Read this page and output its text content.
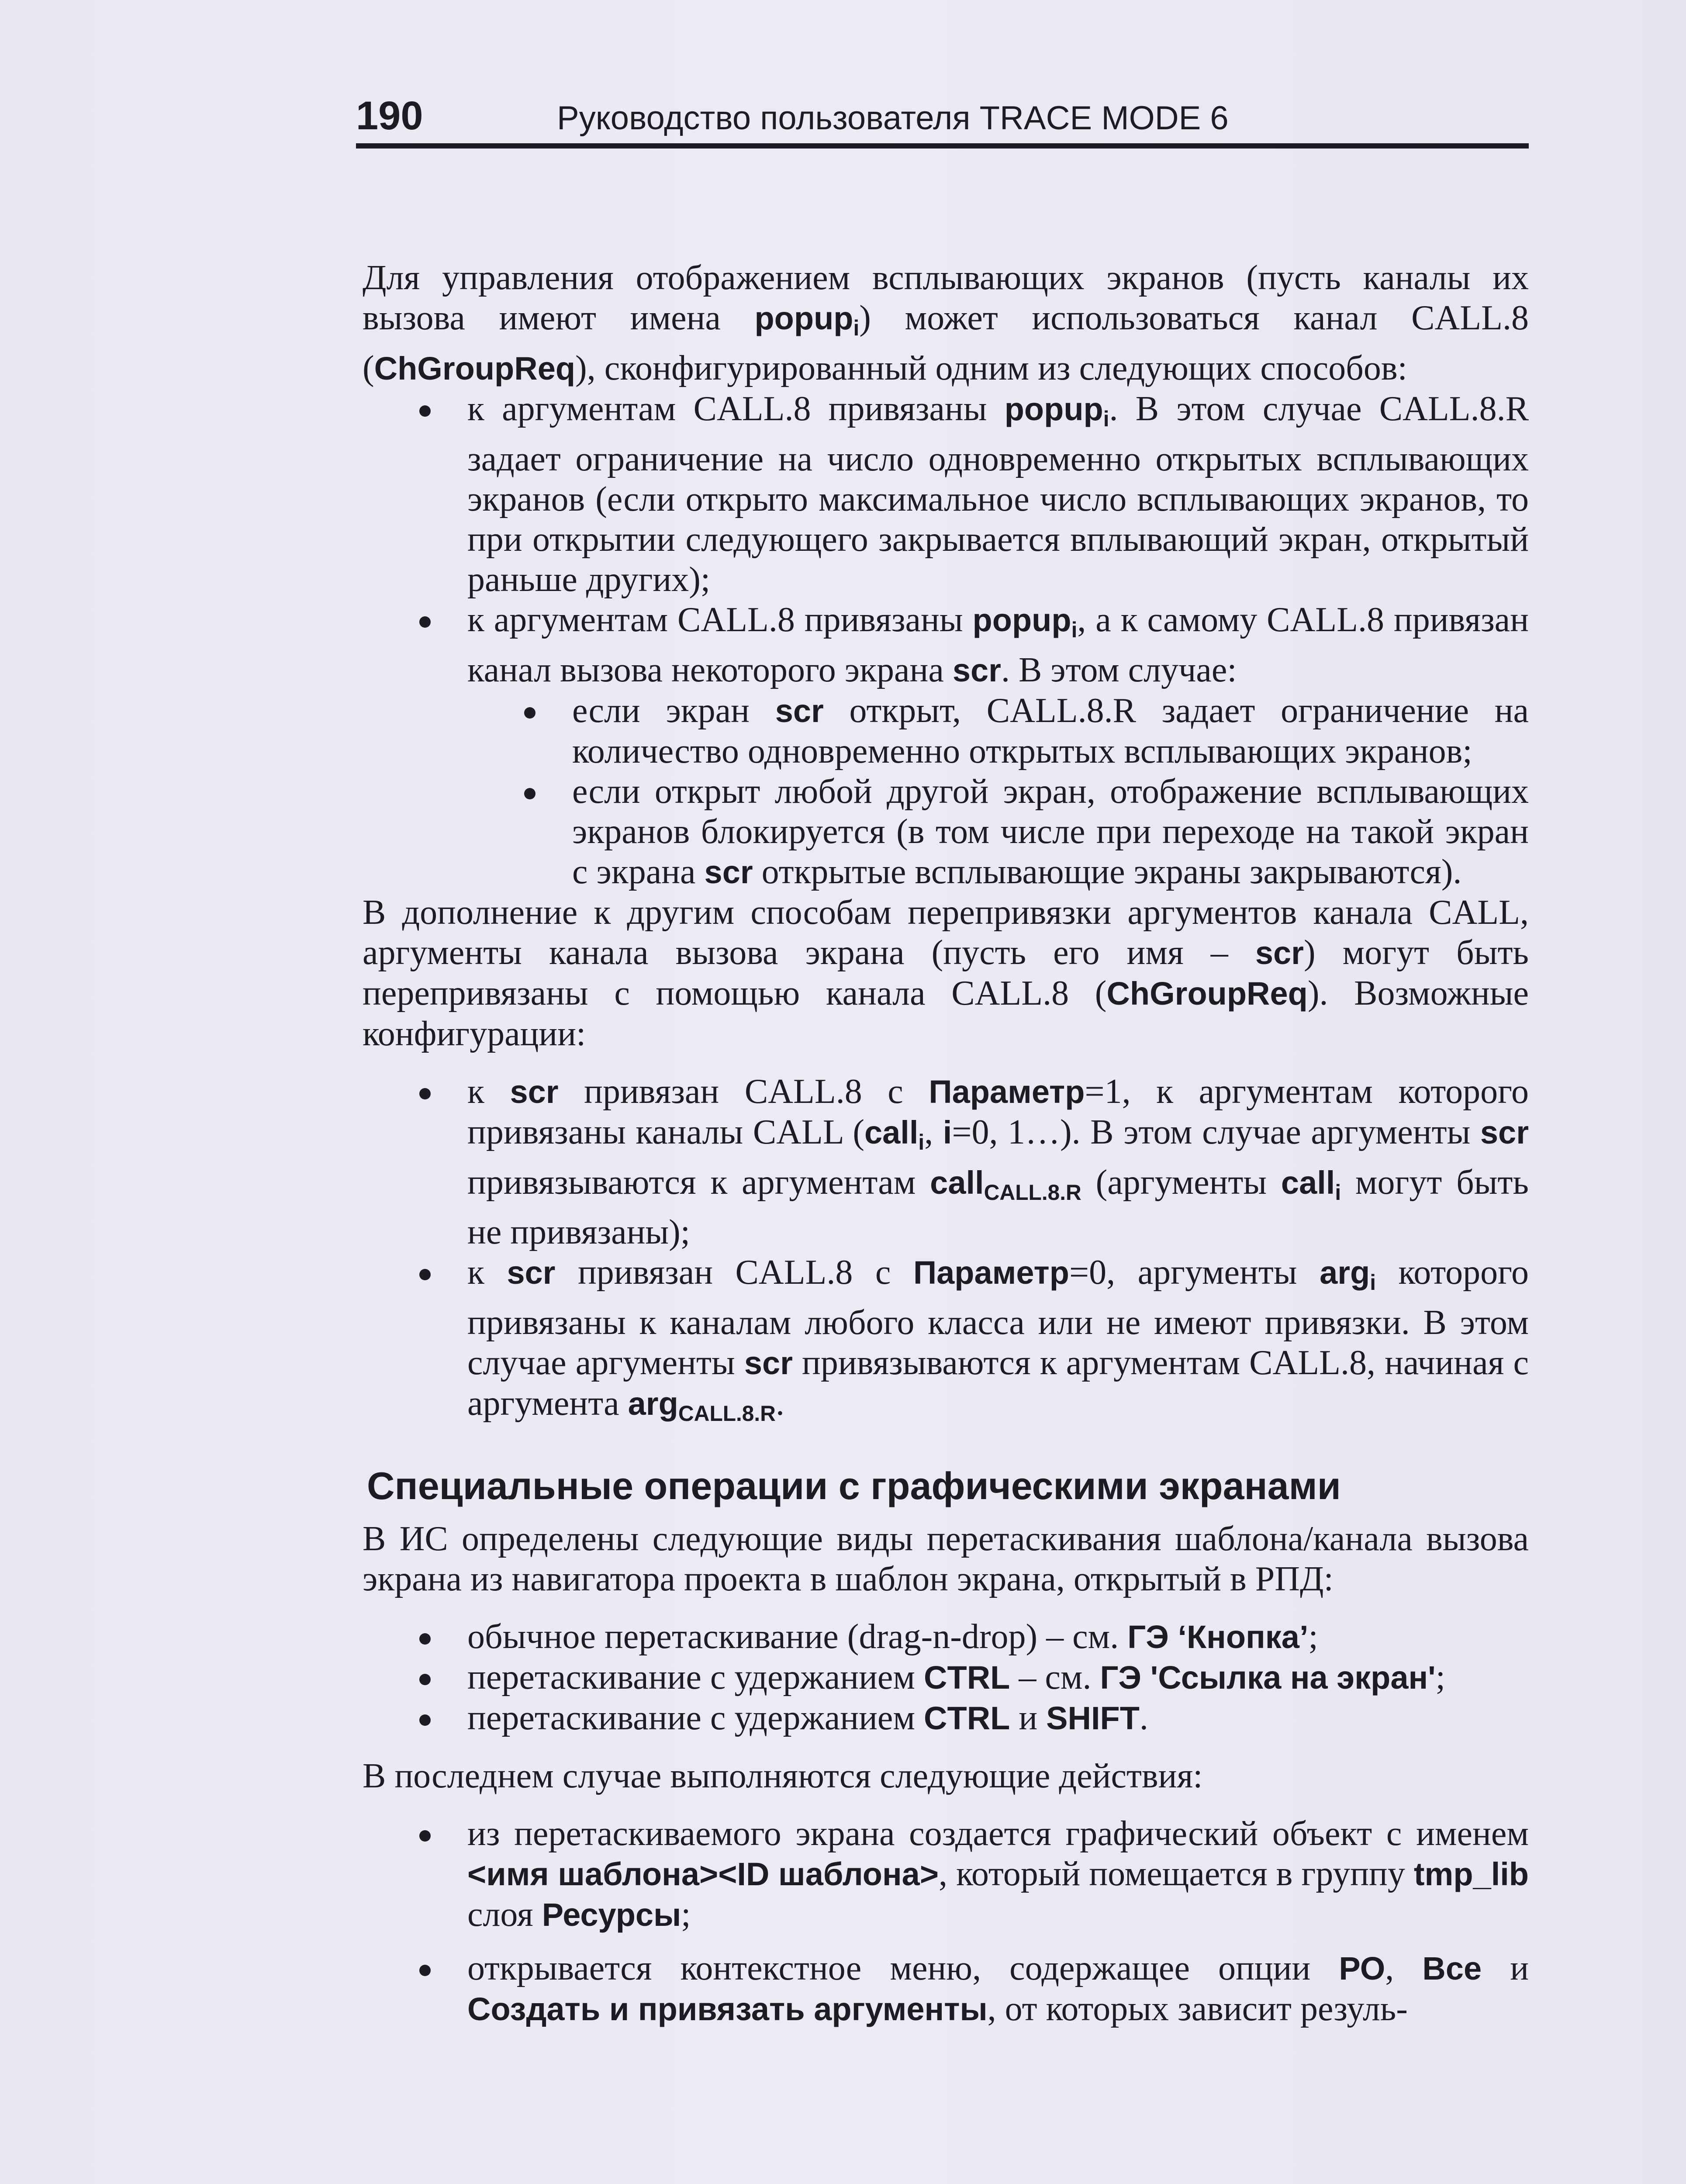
190	Руководство пользователя TRACE MODE 6

Для управления отображением всплывающих экранов (пусть каналы их вызова имеют имена popup$_i$) может использоваться канал CALL.8 (ChGroupReq), сконфигурированный одним из следующих способов:

к аргументам CALL.8 привязаны popup$_i$. В этом случае CALL.8.R задает ограничение на число одновременно открытых всплывающих экранов (если открыто максимальное число всплывающих экранов, то при открытии следующего закрывается вплывающий экран, открытый раньше других);

к аргументам CALL.8 привязаны popup$_i$, а к самому CALL.8 привязан канал вызова некоторого экрана scr. В этом случае:

если экран scr открыт, CALL.8.R задает ограничение на количество одновременно открытых всплывающих экранов;

если открыт любой другой экран, отображение всплывающих экранов блокируется (в том числе при переходе на такой экран с экрана scr открытые всплывающие экраны закрываются).

В дополнение к другим способам перепривязки аргументов канала CALL, аргументы канала вызова экрана (пусть его имя – scr) могут быть перепривязаны с помощью канала CALL.8 (ChGroupReq). Возможные конфигурации:

к scr привязан CALL.8 с Параметр=1, к аргументам которого привязаны каналы CALL (call$_i$, i=0, 1…). В этом случае аргументы scr привязываются к аргументам call$_{CALL.8.R}$ (аргументы call$_i$ могут быть не привязаны);

к scr привязан CALL.8 с Параметр=0, аргументы arg$_i$ которого привязаны к каналам любого класса или не имеют привязки. В этом случае аргументы scr привязываются к аргументам CALL.8, начиная с аргумента arg$_{CALL.8.R}$.

Специальные операции с графическими экранами

В ИС определены следующие виды перетаскивания шаблона/канала вызова экрана из навигатора проекта в шаблон экрана, открытый в РПД:

обычное перетаскивание (drag-n-drop) – см. ГЭ ‘Кнопка’;

перетаскивание с удержанием CTRL – см. ГЭ 'Ссылка на экран';

перетаскивание с удержанием CTRL и SHIFT.

В последнем случае выполняются следующие действия:

из перетаскиваемого экрана создается графический объект с именем <имя шаблона><ID шаблона>, который помещается в группу tmp_lib слоя Ресурсы;

открывается контекстное меню, содержащее опции РО, Все и Создать и привязать аргументы, от которых зависит резуль-
